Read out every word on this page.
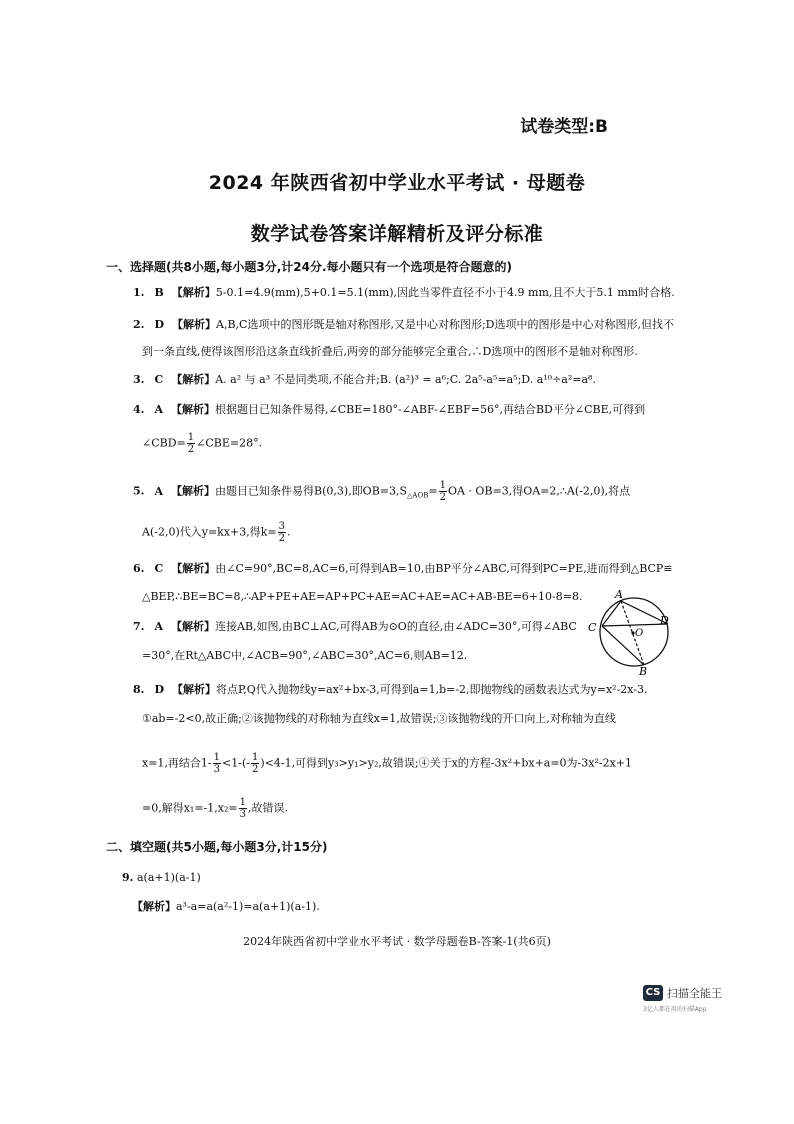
试卷类型:B
2024 年陕西省初中学业水平考试 · 母题卷
数学试卷答案详解精析及评分标准
一、选择题(共8小题,每小题3分,计24分.每小题只有一个选项是符合题意的)
1. B 【解析】5-0.1=4.9(mm),5+0.1=5.1(mm),因此当零件直径不小于4.9 mm,且不大于5.1 mm时合格.
2. D 【解析】A,B,C选项中的图形既是轴对称图形,又是中心对称图形;D选项中的图形是中心对称图形,但找不
到一条直线,使得该图形沿这条直线折叠后,两旁的部分能够完全重合,∴D选项中的图形不是轴对称图形.
3. C 【解析】A. a² 与 a³ 不是同类项,不能合并;B. (a²)³ = a⁶;C. 2a⁵-a⁵=a⁵;D. a¹⁰÷a²=a⁸.
4. A 【解析】根据题目已知条件易得,∠CBE=180°-∠ABF-∠EBF=56°,再结合BD平分∠CBE,可得到
∠CBD= $\frac{1}{2}$ ∠CBE=28°.
5. A 【解析】由题目已知条件易得B(0,3),即$OB=3,S_{\triangle AOB}= \frac{1}{2}$ OA · OB=3,得OA=2,∴A(-2,0),将点
A(-2,0)代入y=kx+3,得$k= \frac{3}{2}$ .
6. C 【解析】由∠C=90°,BC=8,AC=6,可得到AB=10,由BP平分∠ABC,可得到PC=PE,进而得到△BCP≌
△BEP,∴BE=BC=8,∴AP+PE+AE=AP+PC+AE=AC+AE=AC+AB-BE=6+10-8=8.
7. A 【解析】连接AB,如图,由BC⊥AC,可得AB为⊙O的直径,由∠ADC=30°,可得∠ABC
=30°,在Rt△ABC中,∠ACB=90°,∠ABC=30°,AC=6,则AB=12.
A
C
D
B
O
8. D 【解析】将点P,Q代入抛物线y=ax²+bx-3,可得到a=1,b=-2,即抛物线的函数表达式为y=x²-2x-3.
①ab=-2<0,故正确;②该抛物线的对称轴为直线x=1,故错误;③该抛物线的开口向上,对称轴为直线
x=1,再结合$1- \frac{1}{3} <1-(- \frac{1}{2} )<4-1$,可得到y₃>y₁>y₂,故错误;④关于x的方程-3x²+bx+a=0为-3x²-2x+1
=0,解得$x_1=-1,x_2= \frac{1}{3}$ ,故错误.
二、填空题(共5小题,每小题3分,计15分)
9. a(a+1)(a-1)
【解析】a³-a=a(a²-1)=a(a+1)(a-1).
2024年陕西省初中学业水平考试 · 数学母题卷B-答案-1(共6页)
CS 扫描全能王
3亿人都在用的扫描App
